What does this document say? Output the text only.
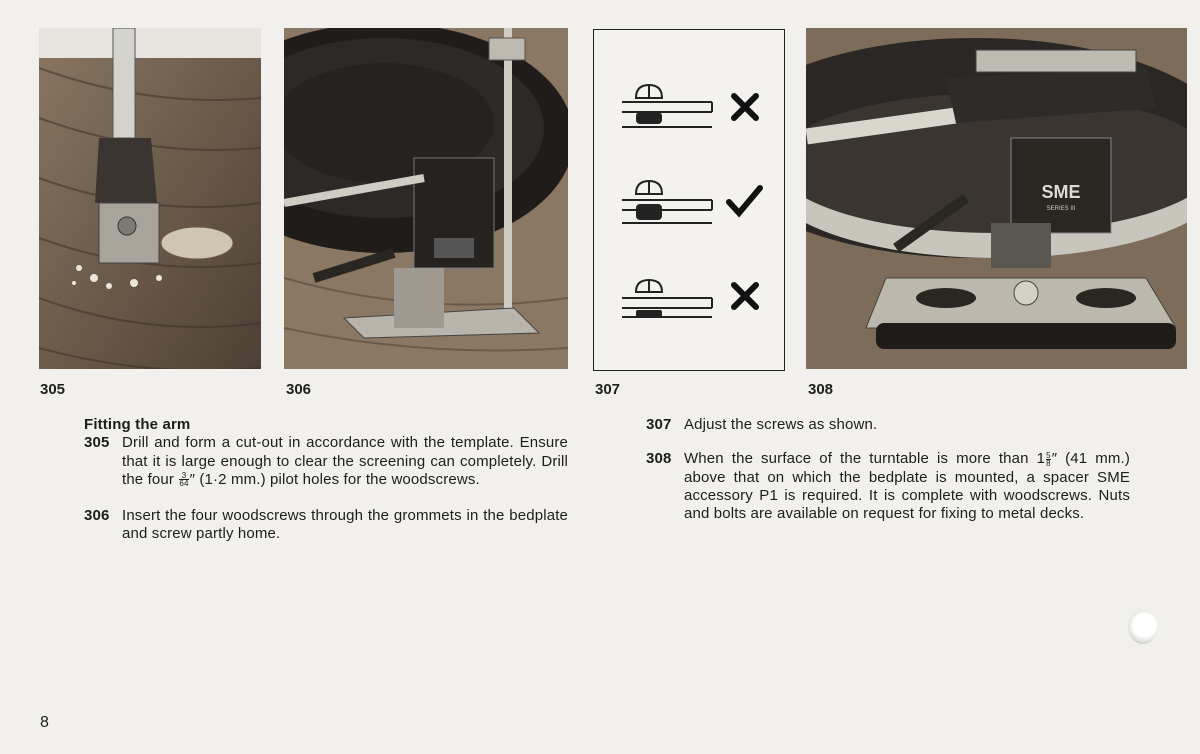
305	306	307
SME
SERIES III
308
Fitting the arm
305 Drill and form a cut-out in accordance with the template. Ensure that it is large enough to clear the screening can completely. Drill the four $\frac{3}{64}$ ″ (1·2 mm.) pilot holes for the woodscrews.
306 Insert the four woodscrews through the grommets in the bedplate and screw partly home.
307 Adjust the screws as shown.
308 When the surface of the turntable is more than $1 \frac{5}{8}$ ″ (41 mm.) above that on which the bedplate is mounted, a spacer SME accessory P1 is required. It is complete with woodscrews. Nuts and bolts are available on request for fixing to metal decks.
8
